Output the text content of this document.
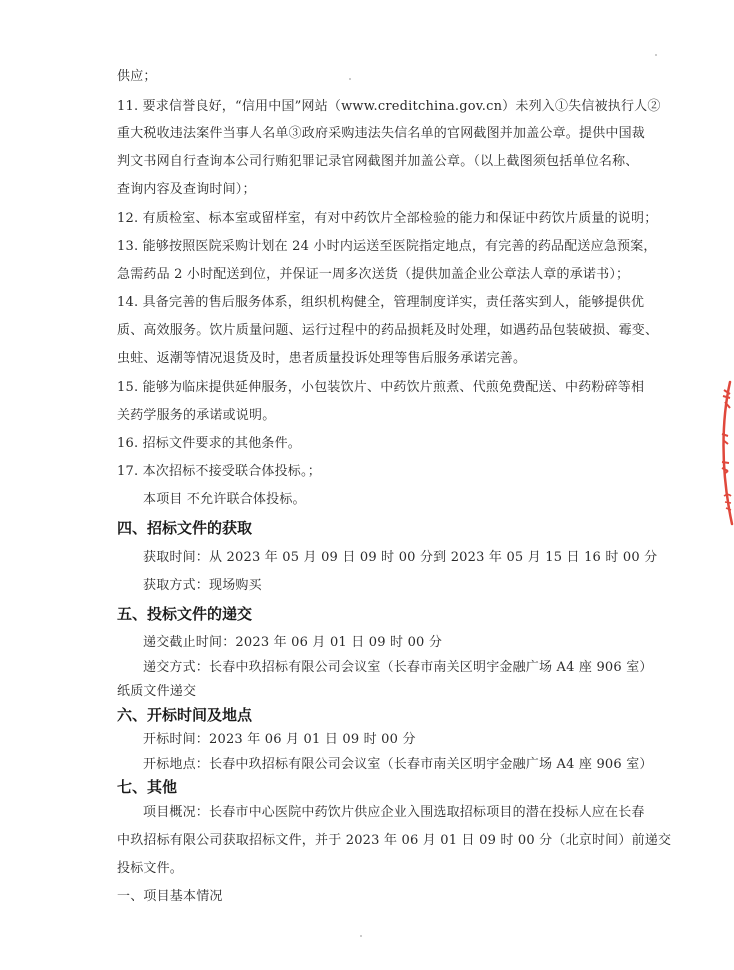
供应；
11. 要求信誉良好，“信用中国”网站（www.creditchina.gov.cn）未列入①失信被执行人②
重大税收违法案件当事人名单③政府采购违法失信名单的官网截图并加盖公章。提供中国裁
判文书网自行查询本公司行贿犯罪记录官网截图并加盖公章。（以上截图须包括单位名称、
查询内容及查询时间）；
12. 有质检室、标本室或留样室，有对中药饮片全部检验的能力和保证中药饮片质量的说明；
13. 能够按照医院采购计划在 24 小时内运送至医院指定地点，有完善的药品配送应急预案，
急需药品 2 小时配送到位，并保证一周多次送货（提供加盖企业公章法人章的承诺书）；
14. 具备完善的售后服务体系，组织机构健全，管理制度详实，责任落实到人，能够提供优
质、高效服务。饮片质量问题、运行过程中的药品损耗及时处理，如遇药品包装破损、霉变、
虫蛀、返潮等情况退货及时，患者质量投诉处理等售后服务承诺完善。
15. 能够为临床提供延伸服务，小包装饮片、中药饮片煎煮、代煎免费配送、中药粉碎等相
关药学服务的承诺或说明。
16. 招标文件要求的其他条件。
17. 本次招标不接受联合体投标。；
本项目 不允许联合体投标。
四、招标文件的获取
获取时间：从 2023 年 05 月 09 日 09 时 00 分到 2023 年 05 月 15 日 16 时 00 分
获取方式：现场购买
五、投标文件的递交
递交截止时间：2023 年 06 月 01 日 09 时 00 分
递交方式：长春中玖招标有限公司会议室（长春市南关区明宇金融广场 A4 座 906 室）
纸质文件递交
六、开标时间及地点
开标时间：2023 年 06 月 01 日 09 时 00 分
开标地点：长春中玖招标有限公司会议室（长春市南关区明宇金融广场 A4 座 906 室）
七、其他
项目概况：长春市中心医院中药饮片供应企业入围选取招标项目的潜在投标人应在长春
中玖招标有限公司获取招标文件，并于 2023 年 06 月 01 日 09 时 00 分（北京时间）前递交
投标文件。
一、项目基本情况
